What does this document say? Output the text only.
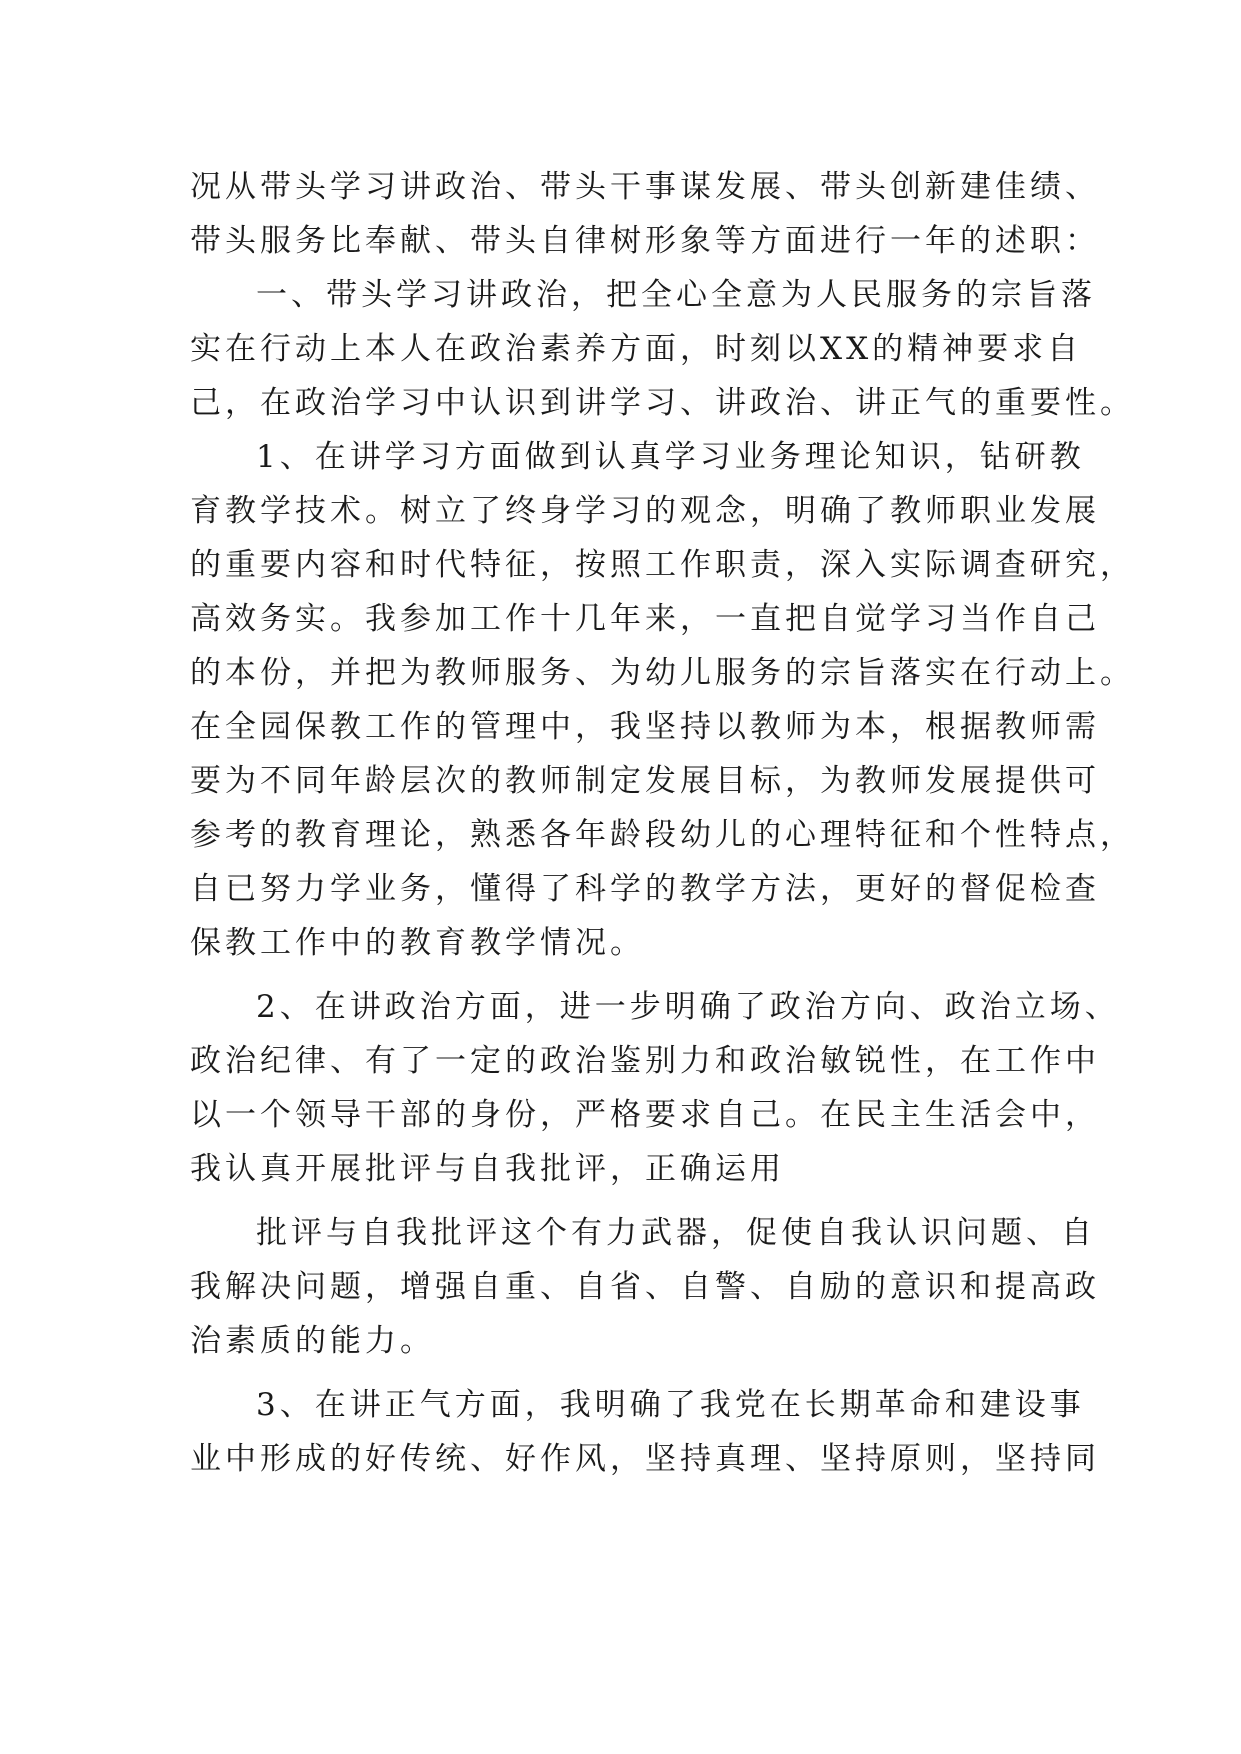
况从带头学习讲政治、带头干事谋发展、带头创新建佳绩、
带头服务比奉献、带头自律树形象等方面进行一年的述职：
一、带头学习讲政治，把全心全意为人民服务的宗旨落
实在行动上本人在政治素养方面，时刻以XX的精神要求自
己，在政治学习中认识到讲学习、讲政治、讲正气的重要性。
1、在讲学习方面做到认真学习业务理论知识，钻研教
育教学技术。树立了终身学习的观念，明确了教师职业发展
的重要内容和时代特征，按照工作职责，深入实际调查研究，
高效务实。我参加工作十几年来，一直把自觉学习当作自己
的本份，并把为教师服务、为幼儿服务的宗旨落实在行动上。
在全园保教工作的管理中，我坚持以教师为本，根据教师需
要为不同年龄层次的教师制定发展目标，为教师发展提供可
参考的教育理论，熟悉各年龄段幼儿的心理特征和个性特点，
自已努力学业务，懂得了科学的教学方法，更好的督促检查
保教工作中的教育教学情况。
2、在讲政治方面，进一步明确了政治方向、政治立场、
政治纪律、有了一定的政治鉴别力和政治敏锐性，在工作中
以一个领导干部的身份，严格要求自己。在民主生活会中，
我认真开展批评与自我批评，正确运用
批评与自我批评这个有力武器，促使自我认识问题、自
我解决问题，增强自重、自省、自警、自励的意识和提高政
治素质的能力。
3、在讲正气方面，我明确了我党在长期革命和建设事
业中形成的好传统、好作风，坚持真理、坚持原则，坚持同
